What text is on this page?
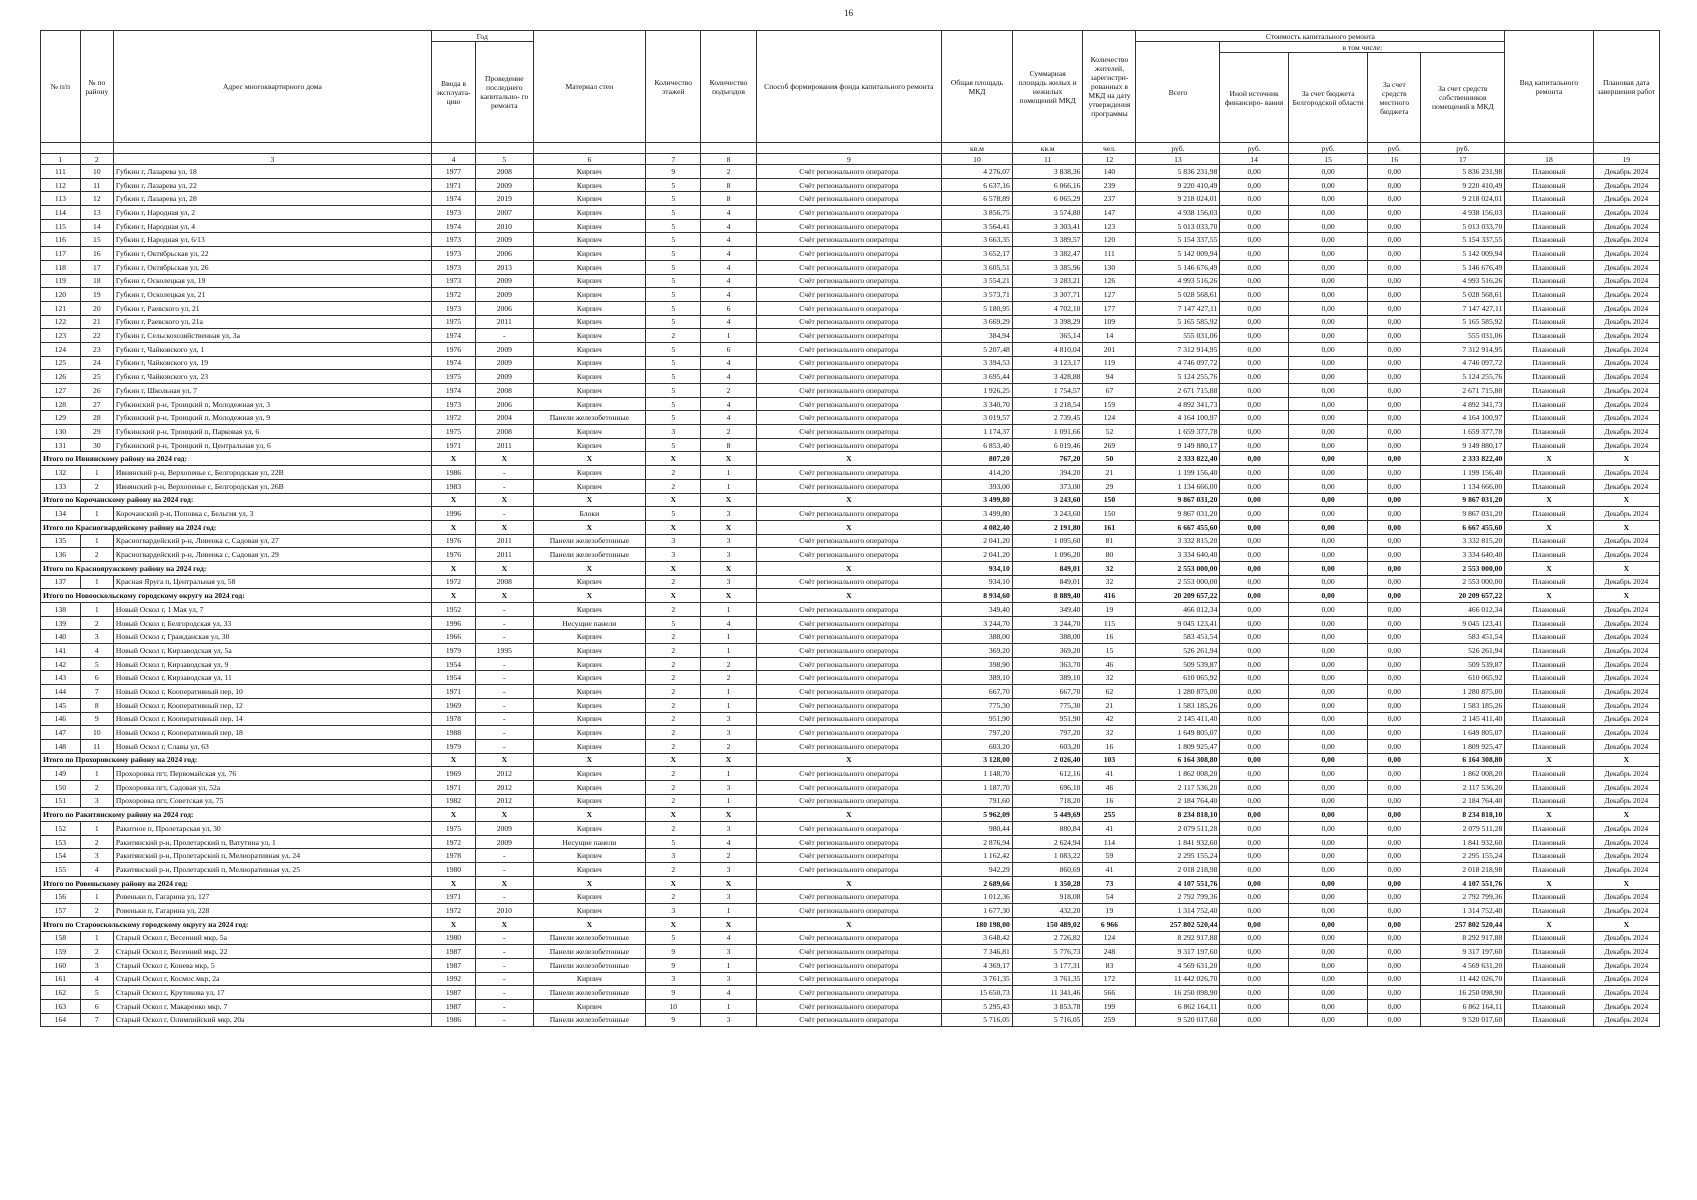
16
№ п/п	№ по району	Адрес многоквартирного дома	Год		Материал стен	Количество этажей	Количество подъездов	Способ формирования фонда капитального ремонта	Общая площадь МКД	Суммарная площадь жилых и нежилых помещений МКД	Количество жителей, зарегистри- рованных в МКД на дату утверждения программы	Стоимость капитального ремонта					Вид капитального ремонта	Плановая дата завершения работ
			Ввода в эксплуата- цию	Проведение последнего капитально- го ремонта								Всего	в том числе:					
													Иной источник финансиро- вания	За счет бюджета Белгородской области	За счет средств местного бюджета	За счет средств собственников помещений в МКД		
									кв.м	кв.м	чел.	руб.	руб.	руб.	руб.	руб.		
1	2	3	4	5	6	7	8	9	10	11	12	13	14	15	16	17	18	19
111	10	Губкин г, Лазарева ул, 18	1977	2008	Кирпич	9	2	Счёт регионального оператора	4 276,07	3 838,36	140	5 836 231,98	0,00	0,00	0,00	5 836 231,98	Плановый	Декабрь 2024
112	11	Губкин г, Лазарева ул, 22	1971	2009	Кирпич	5	8	Счёт регионального оператора	6 637,16	6 066,16	239	9 220 410,49	0,00	0,00	0,00	9 220 410,49	Плановый	Декабрь 2024
113	12	Губкин г, Лазарева ул, 28	1974	2019	Кирпич	5	8	Счёт регионального оператора	6 578,89	6 065,29	237	9 218 024,01	0,00	0,00	0,00	9 218 024,01	Плановый	Декабрь 2024
114	13	Губкин г, Народная ул, 2	1973	2007	Кирпич	5	4	Счёт регионального оператора	3 856,75	3 574,80	147	4 938 156,03	0,00	0,00	0,00	4 938 156,03	Плановый	Декабрь 2024
115	14	Губкин г, Народная ул, 4	1974	2010	Кирпич	5	4	Счёт регионального оператора	3 564,41	3 303,41	123	5 013 033,70	0,00	0,00	0,00	5 013 033,70	Плановый	Декабрь 2024
116	15	Губкин г, Народная ул, 6/13	1973	2009	Кирпич	5	4	Счёт регионального оператора	3 663,35	3 389,57	120	5 154 337,55	0,00	0,00	0,00	5 154 337,55	Плановый	Декабрь 2024
117	16	Губкин г, Октябрьская ул, 22	1973	2006	Кирпич	5	4	Счёт регионального оператора	3 652,17	3 382,47	111	5 142 009,94	0,00	0,00	0,00	5 142 009,94	Плановый	Декабрь 2024
118	17	Губкин г, Октябрьская ул, 26	1973	2013	Кирпич	5	4	Счёт регионального оператора	3 605,51	3 385,96	130	5 146 676,49	0,00	0,00	0,00	5 146 676,49	Плановый	Декабрь 2024
119	18	Губкин г, Осколецкая ул, 19	1973	2009	Кирпич	5	4	Счёт регионального оператора	3 554,21	3 283,21	126	4 993 516,26	0,00	0,00	0,00	4 993 516,26	Плановый	Декабрь 2024
120	19	Губкин г, Осколецкая ул, 21	1972	2009	Кирпич	5	4	Счёт регионального оператора	3 573,71	3 307,71	127	5 028 568,61	0,00	0,00	0,00	5 028 568,61	Плановый	Декабрь 2024
121	20	Губкин г, Раевского ул, 21	1973	2006	Кирпич	5	6	Счёт регионального оператора	5 180,95	4 702,10	177	7 147 427,11	0,00	0,00	0,00	7 147 427,11	Плановый	Декабрь 2024
122	21	Губкин г, Раевского ул, 21а	1975	2011	Кирпич	5	4	Счёт регионального оператора	3 669,29	3 398,29	109	5 165 585,92	0,00	0,00	0,00	5 165 585,92	Плановый	Декабрь 2024
123	22	Губкин г, Сельскохозяйственная ул, 3а	1974	-	Кирпич	2	1	Счёт регионального оператора	384,94	365,14	14	555 031,06	0,00	0,00	0,00	555 031,06	Плановый	Декабрь 2024
124	23	Губкин г, Чайковского ул, 1	1976	2009	Кирпич	5	6	Счёт регионального оператора	5 207,48	4 810,04	201	7 312 914,95	0,00	0,00	0,00	7 312 914,95	Плановый	Декабрь 2024
125	24	Губкин г, Чайковского ул, 19	1974	2009	Кирпич	5	4	Счёт регионального оператора	3 394,53	3 123,17	119	4 746 097,72	0,00	0,00	0,00	4 746 097,72	Плановый	Декабрь 2024
126	25	Губкин г, Чайковского ул, 23	1975	2009	Кирпич	5	4	Счёт регионального оператора	3 695,44	3 428,88	94	5 124 255,76	0,00	0,00	0,00	5 124 255,76	Плановый	Декабрь 2024
127	26	Губкин г, Школьная ул, 7	1974	2008	Кирпич	5	2	Счёт регионального оператора	1 926,25	1 754,57	67	2 671 715,88	0,00	0,00	0,00	2 671 715,88	Плановый	Декабрь 2024
128	27	Губкинский р-н, Троицкий п, Молодежная ул, 3	1973	2006	Кирпич	5	4	Счёт регионального оператора	3 340,70	3 218,54	159	4 892 341,73	0,00	0,00	0,00	4 892 341,73	Плановый	Декабрь 2024
129	28	Губкинский р-н, Троицкий п, Молодежная ул, 9	1972	2004	Панели железобетонные	5	4	Счёт регионального оператора	3 019,57	2 739,45	124	4 164 100,97	0,00	0,00	0,00	4 164 100,97	Плановый	Декабрь 2024
130	29	Губкинский р-н, Троицкий п, Парковая ул, 6	1975	2008	Кирпич	3	2	Счёт регионального оператора	1 174,37	1 091,66	52	1 659 377,78	0,00	0,00	0,00	1 659 377,78	Плановый	Декабрь 2024
131	30	Губкинский р-н, Троицкий п, Центральная ул, 6	1971	2011	Кирпич	5	8	Счёт регионального оператора	6 853,40	6 019,46	269	9 149 880,17	0,00	0,00	0,00	9 149 880,17	Плановый	Декабрь 2024
Итого по Ивнянскому району на 2024 год:			X	X	X	X	X	X	807,20	767,20	50	2 333 822,40	0,00	0,00	0,00	2 333 822,40	X	X
132	1	Ивнянский р-н, Верхопенье с, Белгородская ул, 22В	1986	-	Кирпич	2	1	Счёт регионального оператора	414,20	394,20	21	1 199 156,40	0,00	0,00	0,00	1 199 156,40	Плановый	Декабрь 2024
133	2	Ивнянский р-н, Верхопенье с, Белгородская ул, 26В	1983	-	Кирпич	2	1	Счёт регионального оператора	393,00	373,00	29	1 134 666,00	0,00	0,00	0,00	1 134 666,00	Плановый	Декабрь 2024
Итого по Корочанскому району на 2024 год:			X	X	X	X	X	X	3 499,80	3 243,60	150	9 867 031,20	0,00	0,00	0,00	9 867 031,20	X	X
134	1	Корочанский р-н, Поповка с, Бельгия ул, 3	1996	-	Блоки	5	3	Счёт регионального оператора	3 499,80	3 243,60	150	9 867 031,20	0,00	0,00	0,00	9 867 031,20	Плановый	Декабрь 2024
Итого по Красногвардейскому району на 2024 год:			X	X	X	X	X	X	4 082,40	2 191,80	161	6 667 455,60	0,00	0,00	0,00	6 667 455,60	X	X
135	1	Красногвардейский р-н, Ливенка с, Садовая ул, 27	1976	2011	Панели железобетонные	3	3	Счёт регионального оператора	2 041,20	1 095,60	81	3 332 815,20	0,00	0,00	0,00	3 332 815,20	Плановый	Декабрь 2024
136	2	Красногвардейский р-н, Ливенка с, Садовая ул, 29	1976	2011	Панели железобетонные	3	3	Счёт регионального оператора	2 041,20	1 096,20	80	3 334 640,40	0,00	0,00	0,00	3 334 640,40	Плановый	Декабрь 2024
Итого по Краснояружскому району на 2024 год:			X	X	X	X	X	X	934,10	849,01	32	2 553 000,00	0,00	0,00	0,00	2 553 000,00	X	X
137	1	Красная Яруга п, Центральная ул, 58	1972	2008	Кирпич	2	3	Счёт регионального оператора	934,10	849,01	32	2 553 000,00	0,00	0,00	0,00	2 553 000,00	Плановый	Декабрь 2024
Итого по Новооскольскому городскому округу на 2024 год:			X	X	X	X	X	X	8 934,60	8 889,40	416	20 209 657,22	0,00	0,00	0,00	20 209 657,22	X	X
138	1	Новый Оскол г, 1 Мая ул, 7	1952	-	Кирпич	2	1	Счёт регионального оператора	349,40	349,40	19	466 012,34	0,00	0,00	0,00	466 012,34	Плановый	Декабрь 2024
139	2	Новый Оскол г, Белгородская ул, 33	1996	-	Несущие панели	5	4	Счёт регионального оператора	3 244,70	3 244,70	115	9 045 123,41	0,00	0,00	0,00	9 045 123,41	Плановый	Декабрь 2024
140	3	Новый Оскол г, Гражданская ул, 30	1966	-	Кирпич	2	1	Счёт регионального оператора	388,00	388,00	16	583 451,54	0,00	0,00	0,00	583 451,54	Плановый	Декабрь 2024
141	4	Новый Оскол г, Кирзаводская ул, 5а	1979	1995	Кирпич	2	1	Счёт регионального оператора	369,20	369,20	15	526 261,94	0,00	0,00	0,00	526 261,94	Плановый	Декабрь 2024
142	5	Новый Оскол г, Кирзаводская ул, 9	1954	-	Кирпич	2	2	Счёт регионального оператора	398,90	363,70	46	509 539,87	0,00	0,00	0,00	509 539,87	Плановый	Декабрь 2024
143	6	Новый Оскол г, Кирзаводская ул, 11	1954	-	Кирпич	2	2	Счёт регионального оператора	389,10	389,10	32	610 065,92	0,00	0,00	0,00	610 065,92	Плановый	Декабрь 2024
144	7	Новый Оскол г, Кооперативный пер, 10	1971	-	Кирпич	2	1	Счёт регионального оператора	667,70	667,70	62	1 280 875,00	0,00	0,00	0,00	1 280 875,00	Плановый	Декабрь 2024
145	8	Новый Оскол г, Кооперативный пер, 12	1969	-	Кирпич	2	1	Счёт регионального оператора	775,30	775,30	21	1 583 185,26	0,00	0,00	0,00	1 583 185,26	Плановый	Декабрь 2024
146	9	Новый Оскол г, Кооперативный пер, 14	1978	-	Кирпич	2	3	Счёт регионального оператора	951,90	951,90	42	2 145 411,40	0,00	0,00	0,00	2 145 411,40	Плановый	Декабрь 2024
147	10	Новый Оскол г, Кооперативный пер, 18	1988	-	Кирпич	2	3	Счёт регионального оператора	797,20	797,20	32	1 649 805,07	0,00	0,00	0,00	1 649 805,07	Плановый	Декабрь 2024
148	11	Новый Оскол г, Славы ул, 63	1979	-	Кирпич	2	2	Счёт регионального оператора	603,20	603,20	16	1 809 925,47	0,00	0,00	0,00	1 809 925,47	Плановый	Декабрь 2024
Итого по Прохоровскому району на 2024 год:			X	X	X	X	X	X	3 128,00	2 026,40	103	6 164 308,80	0,00	0,00	0,00	6 164 308,80	X	X
149	1	Прохоровка пгт, Первомайская ул, 76	1969	2012	Кирпич	2	1	Счёт регионального оператора	1 148,70	612,16	41	1 862 008,20	0,00	0,00	0,00	1 862 008,20	Плановый	Декабрь 2024
150	2	Прохоровка пгт, Садовая ул, 52а	1971	2012	Кирпич	2	3	Счёт регионального оператора	1 187,70	696,10	46	2 117 536,20	0,00	0,00	0,00	2 117 536,20	Плановый	Декабрь 2024
151	3	Прохоровка пгт, Советская ул, 75	1982	2012	Кирпич	2	1	Счёт регионального оператора	791,60	718,20	16	2 184 764,40	0,00	0,00	0,00	2 184 764,40	Плановый	Декабрь 2024
Итого по Ракитянскому району на 2024 год:			X	X	X	X	X	X	5 962,09	5 449,69	255	8 234 818,10	0,00	0,00	0,00	8 234 818,10	X	X
152	1	Ракитное п, Пролетарская ул, 30	1975	2009	Кирпич	2	3	Счёт регионального оператора	980,44	880,84	41	2 079 511,28	0,00	0,00	0,00	2 079 511,28	Плановый	Декабрь 2024
153	2	Ракитянский р-н, Пролетарский п, Ватутина ул, 1	1972	2009	Несущие панели	5	4	Счёт регионального оператора	2 876,94	2 624,94	114	1 841 932,60	0,00	0,00	0,00	1 841 932,60	Плановый	Декабрь 2024
154	3	Ракитянский р-н, Пролетарский п, Мелиоративная ул, 24	1978	-	Кирпич	3	2	Счёт регионального оператора	1 162,42	1 083,22	59	2 295 155,24	0,00	0,00	0,00	2 295 155,24	Плановый	Декабрь 2024
155	4	Ракитянский р-н, Пролетарский п, Мелиоративная ул, 25	1980	-	Кирпич	2	3	Счёт регионального оператора	942,29	860,69	41	2 018 218,98	0,00	0,00	0,00	2 018 218,98	Плановый	Декабрь 2024
Итого по Ровеньскому району на 2024 год:			X	X	X	X	X	X	2 689,66	1 350,28	73	4 107 551,76	0,00	0,00	0,00	4 107 551,76	X	X
156	1	Ровеньки п, Гагарина ул, 127	1971	-	Кирпич	2	3	Счёт регионального оператора	1 012,36	918,08	54	2 792 799,36	0,00	0,00	0,00	2 792 799,36	Плановый	Декабрь 2024
157	2	Ровеньки п, Гагарина ул, 228	1972	2010	Кирпич	3	1	Счёт регионального оператора	1 677,30	432,20	19	1 314 752,40	0,00	0,00	0,00	1 314 752,40	Плановый	Декабрь 2024
Итого по Старооскольскому городскому округу на 2024 год:			X	X	X	X	X	X	180 198,00	150 489,02	6 966	257 802 520,44	0,00	0,00	0,00	257 802 520,44	X	X
158	1	Старый Оскол г, Весенний мкр, 5а	1980	-	Панели железобетонные	5	4	Счёт регионального оператора	3 648,42	2 726,82	124	8 292 917,88	0,00	0,00	0,00	8 292 917,88	Плановый	Декабрь 2024
159	2	Старый Оскол г, Весенний мкр, 22	1987	-	Панели железобетонные	9	3	Счёт регионального оператора	7 346,81	5 776,73	248	9 317 197,60	0,00	0,00	0,00	9 317 197,60	Плановый	Декабрь 2024
160	3	Старый Оскол г, Конева мкр, 5	1987	-	Панели железобетонные	9	1	Счёт регионального оператора	4 369,17	3 177,31	83	4 569 631,20	0,00	0,00	0,00	4 569 631,20	Плановый	Декабрь 2024
161	4	Старый Оскол г, Космос мкр, 2а	1992	-	Кирпич	3	3	Счёт регионального оператора	3 761,35	3 761,35	172	11 442 026,70	0,00	0,00	0,00	11 442 026,70	Плановый	Декабрь 2024
162	5	Старый Оскол г, Крутикова ул, 17	1987	-	Панели железобетонные	9	4	Счёт регионального оператора	15 650,73	11 341,46	566	16 250 098,90	0,00	0,00	0,00	16 250 098,90	Плановый	Декабрь 2024
163	6	Старый Оскол г, Макаренко мкр, 7	1987	-	Кирпич	10	1	Счёт регионального оператора	5 295,43	3 853,78	199	6 862 164,11	0,00	0,00	0,00	6 862 164,11	Плановый	Декабрь 2024
164	7	Старый Оскол г, Олимпийский мкр, 20а	1986	-	Панели железобетонные	9	3	Счёт регионального оператора	5 716,05	5 716,05	259	9 520 017,60	0,00	0,00	0,00	9 520 017,60	Плановый	Декабрь 2024
